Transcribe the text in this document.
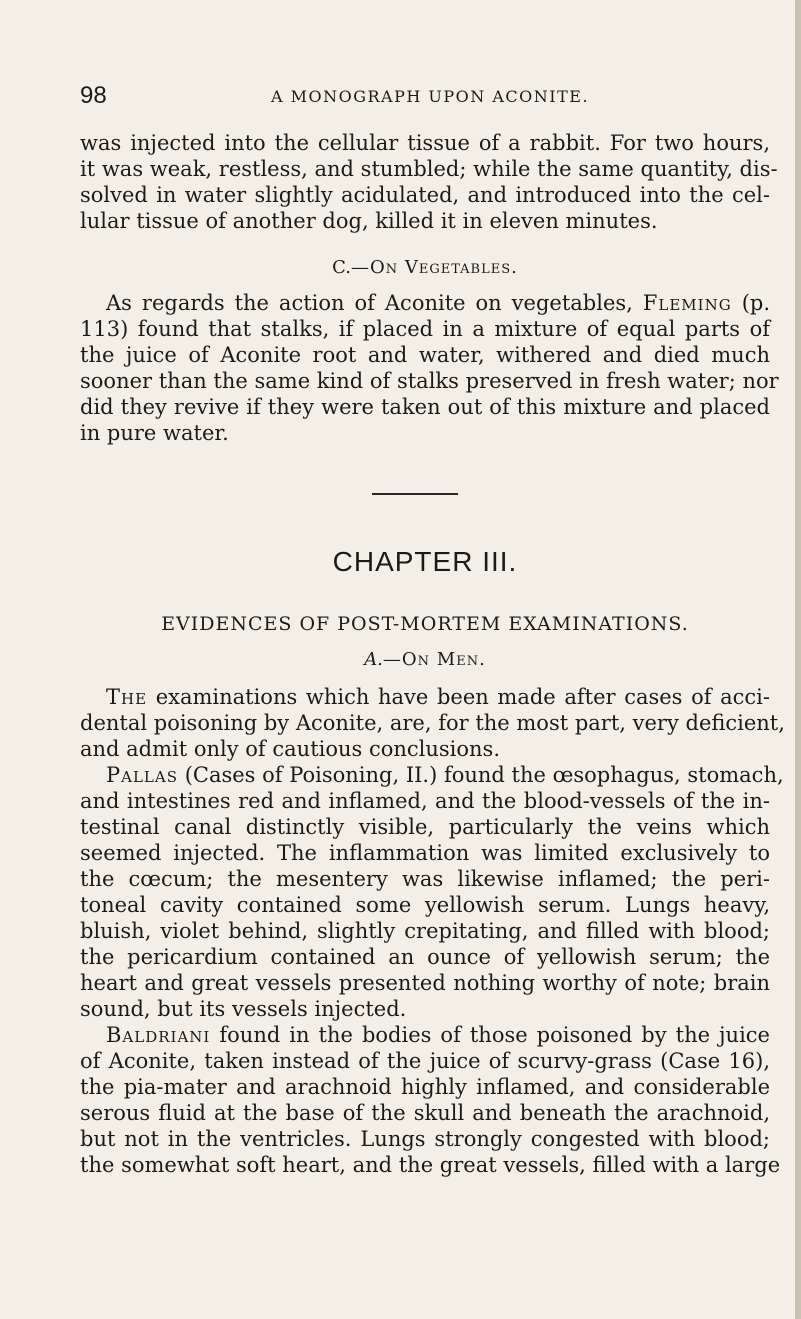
98	A MONOGRAPH UPON ACONITE.
was injected into the cellular tissue of a rabbit. For two hours,
it was weak, restless, and stumbled; while the same quantity, dis-
solved in water slightly acidulated, and introduced into the cel-
lular tissue of another dog, killed it in eleven minutes.
C.—On Vegetables.
As regards the action of Aconite on vegetables, Fleming (p.
113) found that stalks, if placed in a mixture of equal parts of
the juice of Aconite root and water, withered and died much
sooner than the same kind of stalks preserved in fresh water; nor
did they revive if they were taken out of this mixture and placed
in pure water.
CHAPTER III.
EVIDENCES OF POST-MORTEM EXAMINATIONS.
A.—On Men.
The examinations which have been made after cases of acci-
dental poisoning by Aconite, are, for the most part, very deficient,
and admit only of cautious conclusions.
Pallas (Cases of Poisoning, II.) found the œsophagus, stomach,
and intestines red and inflamed, and the blood-vessels of the in-
testinal canal distinctly visible, particularly the veins which
seemed injected. The inflammation was limited exclusively to
the cœcum; the mesentery was likewise inflamed; the peri-
toneal cavity contained some yellowish serum. Lungs heavy,
bluish, violet behind, slightly crepitating, and filled with blood;
the pericardium contained an ounce of yellowish serum; the
heart and great vessels presented nothing worthy of note; brain
sound, but its vessels injected.
Baldriani found in the bodies of those poisoned by the juice
of Aconite, taken instead of the juice of scurvy-grass (Case 16),
the pia-mater and arachnoid highly inflamed, and considerable
serous fluid at the base of the skull and beneath the arachnoid,
but not in the ventricles. Lungs strongly congested with blood;
the somewhat soft heart, and the great vessels, filled with a large
